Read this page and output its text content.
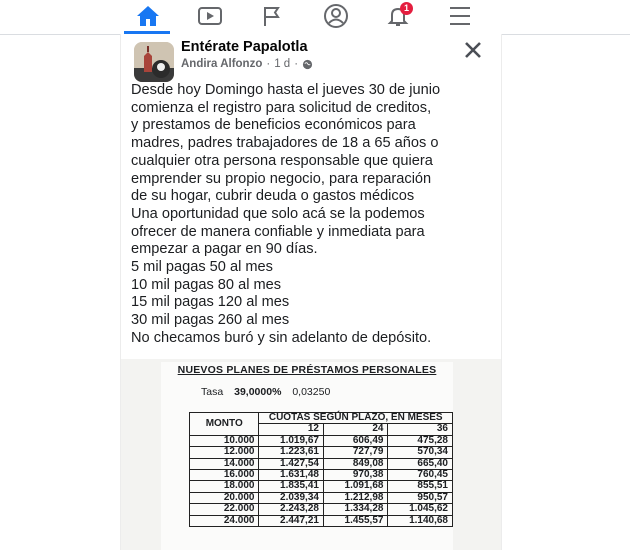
1
Entérate Papalotla
Andira Alfonzo · 1 d ·
Desde hoy Domingo hasta el jueves 30 de junio
comienza el registro para solicitud de creditos,
y prestamos de beneficios económicos para
madres, padres trabajadores de 18 a 65 años o
cualquier otra persona responsable que quiera
emprender su propio negocio, para reparación
de su hogar, cubrir deuda o gastos médicos
Una oportunidad que solo acá se la podemos
ofrecer de manera confiable y inmediata para
empezar a pagar en 90 días.
5 mil pagas 50 al mes
10 mil pagas 80 al mes
15 mil pagas 120 al mes
30 mil pagas 260 al mes
No checamos buró y sin adelanto de depósito.
NUEVOS PLANES DE PRÉSTAMOS PERSONALES
Tasa 39,0000% 0,03250
MONTO	CUOTAS SEGÚN PLAZO, EN MESES		
	12	24	36
10.000	1.019,67	606,49	475,28
12.000	1.223,61	727,79	570,34
14.000	1.427,54	849,08	665,40
16.000	1.631,48	970,38	760,45
18.000	1.835,41	1.091,68	855,51
20.000	2.039,34	1.212,98	950,57
22.000	2.243,28	1.334,28	1.045,62
24.000	2.447,21	1.455,57	1.140,68
